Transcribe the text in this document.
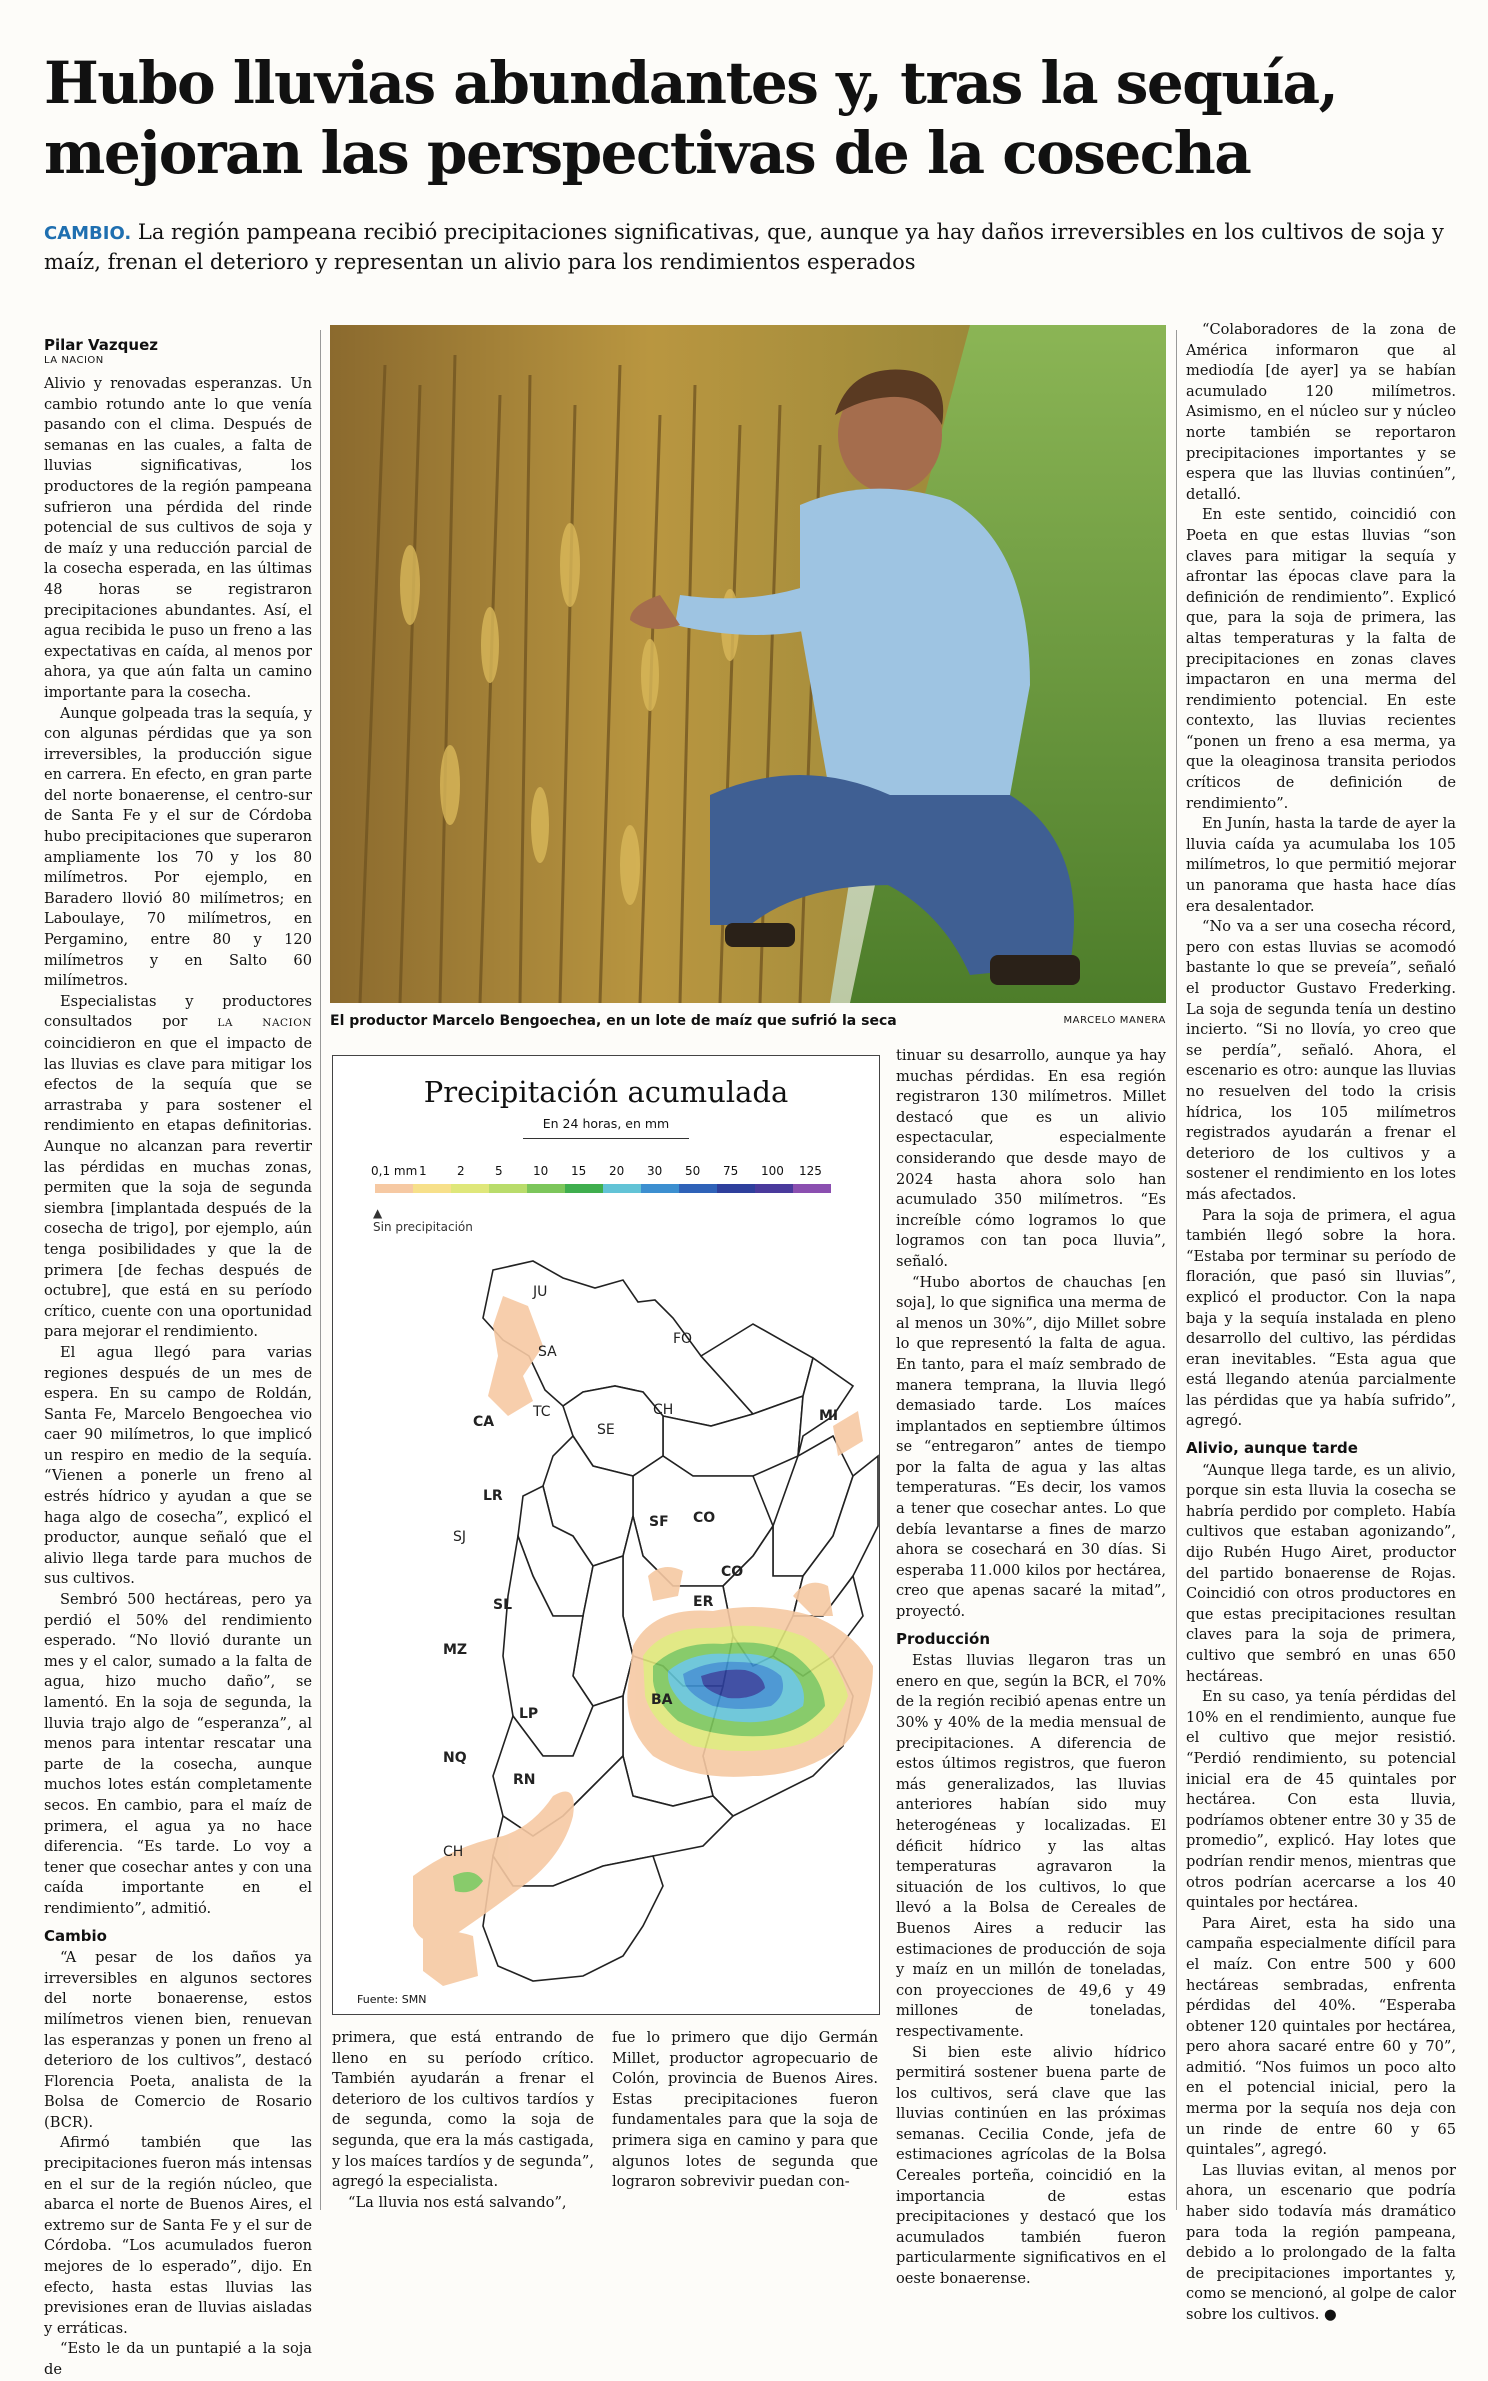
Hubo lluvias abundantes y, tras la sequía,
mejoran las perspectivas de la cosecha

CAMBIO. La región pampeana recibió precipitaciones significativas, que, aunque ya hay daños irreversibles en los cultivos de soja y maíz, frenan el deterioro y representan un alivio para los rendimientos esperados

Pilar Vazquez
LA NACION

Alivio y renovadas esperanzas. Un cambio rotundo ante lo que venía pasando con el clima. Después de semanas en las cuales, a falta de lluvias significativas, los productores de la región pampeana sufrieron una pérdida del rinde potencial de sus cultivos de soja y de maíz y una reducción parcial de la cosecha esperada, en las últimas 48 horas se registraron precipitaciones abundantes. Así, el agua recibida le puso un freno a las expectativas en caída, al menos por ahora, ya que aún falta un camino importante para la cosecha.

Aunque golpeada tras la sequía, y con algunas pérdidas que ya son irreversibles, la producción sigue en carrera. En efecto, en gran parte del norte bonaerense, el centro-sur de Santa Fe y el sur de Córdoba hubo precipitaciones que superaron ampliamente los 70 y los 80 milímetros. Por ejemplo, en Baradero llovió 80 milímetros; en Laboulaye, 70 milímetros, en Pergamino, entre 80 y 120 milímetros y en Salto 60 milímetros.

Especialistas y productores consultados por LA NACION coincidieron en que el impacto de las lluvias es clave para mitigar los efectos de la sequía que se arrastraba y para sostener el rendimiento en etapas definitorias. Aunque no alcanzan para revertir las pérdidas en muchas zonas, permiten que la soja de segunda siembra [implantada después de la cosecha de trigo], por ejemplo, aún tenga posibilidades y que la de primera [de fechas después de octubre], que está en su período crítico, cuente con una oportunidad para mejorar el rendimiento.

El agua llegó para varias regiones después de un mes de espera. En su campo de Roldán, Santa Fe, Marcelo Bengoechea vio caer 90 milímetros, lo que implicó un respiro en medio de la sequía. “Vienen a ponerle un freno al estrés hídrico y ayudan a que se haga algo de cosecha”, explicó el productor, aunque señaló que el alivio llega tarde para muchos de sus cultivos.

Sembró 500 hectáreas, pero ya perdió el 50% del rendimiento esperado. “No llovió durante un mes y el calor, sumado a la falta de agua, hizo mucho daño”, se lamentó. En la soja de segunda, la lluvia trajo algo de “esperanza”, al menos para intentar rescatar una parte de la cosecha, aunque muchos lotes están completamente secos. En cambio, para el maíz de primera, el agua ya no hace diferencia. “Es tarde. Lo voy a tener que cosechar antes y con una caída importante en el rendimiento”, admitió.

Cambio

“A pesar de los daños ya irreversibles en algunos sectores del norte bonaerense, estos milímetros vienen bien, renuevan las esperanzas y ponen un freno al deterioro de los cultivos”, destacó Florencia Poeta, analista de la Bolsa de Comercio de Rosario (BCR).

Afirmó también que las precipitaciones fueron más intensas en el sur de la región núcleo, que abarca el norte de Buenos Aires, el extremo sur de Santa Fe y el sur de Córdoba. “Los acumulados fueron mejores de lo esperado”, dijo. En efecto, hasta estas lluvias las previsiones eran de lluvias aisladas y erráticas.

“Esto le da un puntapié a la soja de

El productor Marcelo Bengoechea, en un lote de maíz que sufrió la seca	MARCELO MANERA
Precipitación acumulada
En 24 horas, en mm
0,1 mm 1	2	5	10 15 20 30 50 75 100 125
▲
Sin precipitación
JU
SA
FO
CH
TC	MI
CA	SE
CO
LR
SF
SJ
CO
ER
SL
MZ
BA
LP
NQ
RN
CH
Fuente: SMN

primera, que está entrando de lleno en su período crítico. También ayudarán a frenar el deterioro de los cultivos tardíos y de segunda, como la soja de segunda, que era la más castigada, y los maíces tardíos y de segunda”, agregó la especialista.

“La lluvia nos está salvando”,

fue lo primero que dijo Germán Millet, productor agropecuario de Colón, provincia de Buenos Aires. Estas precipitaciones fueron fundamentales para que la soja de primera siga en camino y para que algunos lotes de segunda que lograron sobrevivir puedan con-

tinuar su desarrollo, aunque ya hay muchas pérdidas. En esa región registraron 130 milímetros. Millet destacó que es un alivio espectacular, especialmente considerando que desde mayo de 2024 hasta ahora solo han acumulado 350 milímetros. “Es increíble cómo logramos lo que logramos con tan poca lluvia”, señaló.

“Hubo abortos de chauchas [en soja], lo que significa una merma de al menos un 30%”, dijo Millet sobre lo que representó la falta de agua. En tanto, para el maíz sembrado de manera temprana, la lluvia llegó demasiado tarde. Los maíces implantados en septiembre últimos se “entregaron” antes de tiempo por la falta de agua y las altas temperaturas. “Es decir, los vamos a tener que cosechar antes. Lo que debía levantarse a fines de marzo ahora se cosechará en 30 días. Si esperaba 11.000 kilos por hectárea, creo que apenas sacaré la mitad”, proyectó.

Producción

Estas lluvias llegaron tras un enero en que, según la BCR, el 70% de la región recibió apenas entre un 30% y 40% de la media mensual de precipitaciones. A diferencia de estos últimos registros, que fueron más generalizados, las lluvias anteriores habían sido muy heterogéneas y localizadas. El déficit hídrico y las altas temperaturas agravaron la situación de los cultivos, lo que llevó a la Bolsa de Cereales de Buenos Aires a reducir las estimaciones de producción de soja y maíz en un millón de toneladas, con proyecciones de 49,6 y 49 millones de toneladas, respectivamente.

Si bien este alivio hídrico permitirá sostener buena parte de los cultivos, será clave que las lluvias continúen en las próximas semanas. Cecilia Conde, jefa de estimaciones agrícolas de la Bolsa Cereales porteña, coincidió en la importancia de estas precipitaciones y destacó que los acumulados también fueron particularmente significativos en el oeste bonaerense.

“Colaboradores de la zona de América informaron que al mediodía [de ayer] ya se habían acumulado 120 milímetros. Asimismo, en el núcleo sur y núcleo norte también se reportaron precipitaciones importantes y se espera que las lluvias continúen”, detalló.

En este sentido, coincidió con Poeta en que estas lluvias “son claves para mitigar la sequía y afrontar las épocas clave para la definición de rendimiento”. Explicó que, para la soja de primera, las altas temperaturas y la falta de precipitaciones en zonas claves impactaron en una merma del rendimiento potencial. En este contexto, las lluvias recientes “ponen un freno a esa merma, ya que la oleaginosa transita periodos críticos de definición de rendimiento”.

En Junín, hasta la tarde de ayer la lluvia caída ya acumulaba los 105 milímetros, lo que permitió mejorar un panorama que hasta hace días era desalentador.

“No va a ser una cosecha récord, pero con estas lluvias se acomodó bastante lo que se preveía”, señaló el productor Gustavo Frederking. La soja de segunda tenía un destino incierto. “Si no llovía, yo creo que se perdía”, señaló. Ahora, el escenario es otro: aunque las lluvias no resuelven del todo la crisis hídrica, los 105 milímetros registrados ayudarán a frenar el deterioro de los cultivos y a sostener el rendimiento en los lotes más afectados.

Para la soja de primera, el agua también llegó sobre la hora. “Estaba por terminar su período de floración, que pasó sin lluvias”, explicó el productor. Con la napa baja y la sequía instalada en pleno desarrollo del cultivo, las pérdidas eran inevitables. “Esta agua que está llegando atenúa parcialmente las pérdidas que ya había sufrido”, agregó.

Alivio, aunque tarde

“Aunque llega tarde, es un alivio, porque sin esta lluvia la cosecha se habría perdido por completo. Había cultivos que estaban agonizando”, dijo Rubén Hugo Airet, productor del partido bonaerense de Rojas. Coincidió con otros productores en que estas precipitaciones resultan claves para la soja de primera, cultivo que sembró en unas 650 hectáreas.

En su caso, ya tenía pérdidas del 10% en el rendimiento, aunque fue el cultivo que mejor resistió. “Perdió rendimiento, su potencial inicial era de 45 quintales por hectárea. Con esta lluvia, podríamos obtener entre 30 y 35 de promedio”, explicó. Hay lotes que podrían rendir menos, mientras que otros podrían acercarse a los 40 quintales por hectárea.

Para Airet, esta ha sido una campaña especialmente difícil para el maíz. Con entre 500 y 600 hectáreas sembradas, enfrenta pérdidas del 40%. “Esperaba obtener 120 quintales por hectárea, pero ahora sacaré entre 60 y 70”, admitió. “Nos fuimos un poco alto en el potencial inicial, pero la merma por la sequía nos deja con un rinde de entre 60 y 65 quintales”, agregó.

Las lluvias evitan, al menos por ahora, un escenario que podría haber sido todavía más dramático para toda la región pampeana, debido a lo prolongado de la falta de precipitaciones importantes y, como se mencionó, al golpe de calor sobre los cultivos. ●
